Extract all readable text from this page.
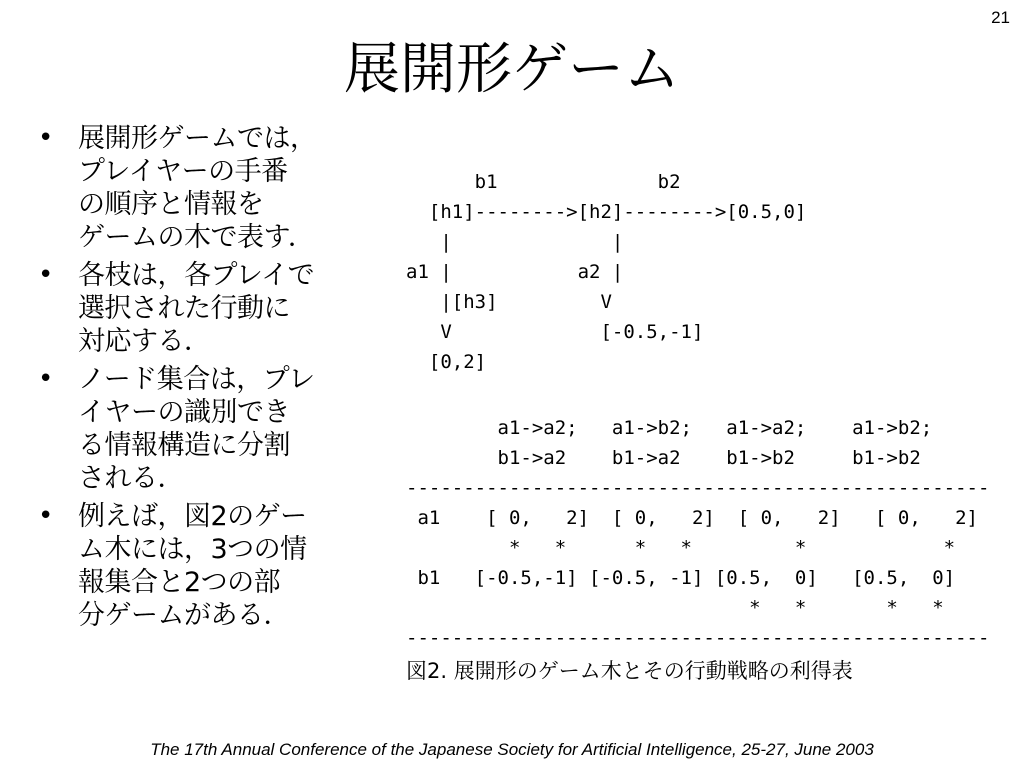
21
展開形ゲーム
• 展開形ゲームでは，
プレイヤーの手番
の順序と情報を
ゲームの木で表す．
• 各枝は，各プレイで
選択された行動に
対応する．
• ノード集合は，プレ
イヤーの識別でき
る情報構造に分割
される．
• 例えば，図2のゲー
ム木には，3つの情
報集合と2つの部
分ゲームがある．
b1              b2
[h1]-------->[h2]-------->[0.5,0]
|              |
a1 |           a2 |
|[h3]         V
V             [-0.5,-1]
[0,2]
a1->a2;   a1->b2;   a1->a2;    a1->b2;
b1->a2    b1->a2    b1->b2     b1->b2
---------------------------------------------------
a1    [ 0,   2]  [ 0,   2]  [ 0,   2]   [ 0,   2]
*   *      *   *         *            *
b1   [-0.5,-1] [-0.5, -1] [0.5,  0]   [0.5,  0]
*   *       *   *
---------------------------------------------------
図2. 展開形のゲーム木とその行動戦略の利得表
The 17th Annual Conference of the Japanese Society for Artificial Intelligence, 25-27, June 2003
